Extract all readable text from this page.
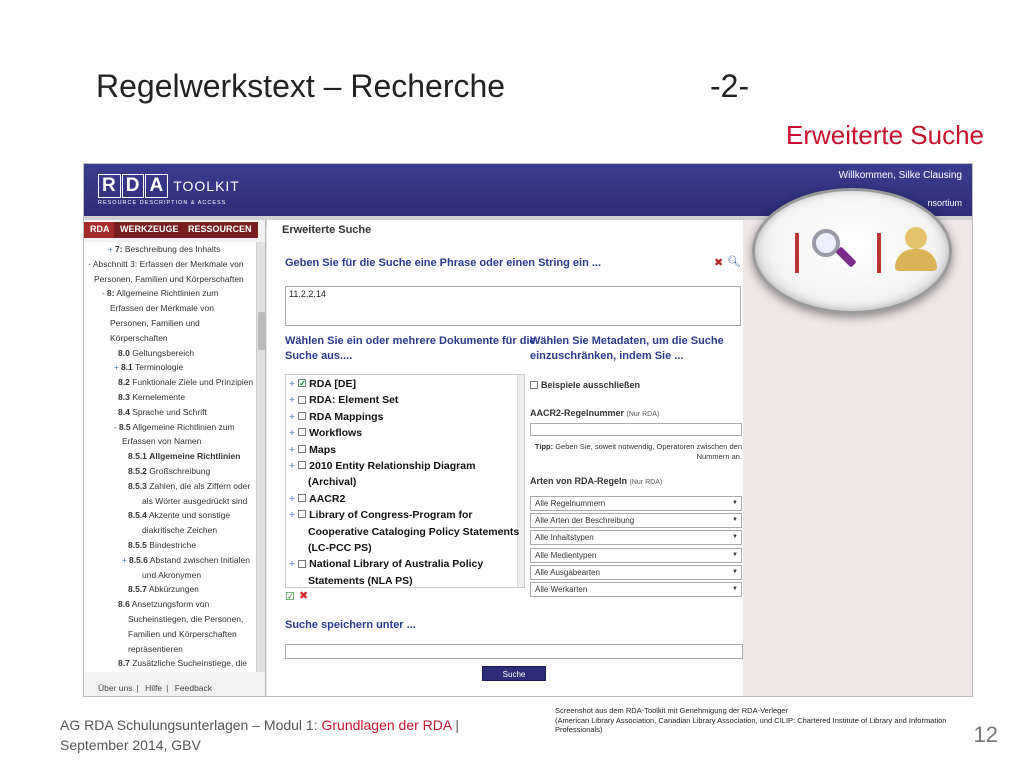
Regelwerkstext – Recherche	-2-
Erweiterte Suche
R D A TOOLKIT
RESOURCE DESCRIPTION & ACCESS
Willkommen, Silke Clausing
nsortium
RDA	WERKZEUGE	RESSOURCEN
+ 7: Beschreibung des Inhalts
- Abschnitt 3: Erfassen der Merkmale von
Personen, Familien und Körperschaften
- 8: Allgemeine Richtlinien zum
Erfassen der Merkmale von
Personen, Familien und
Körperschaften
8.0 Geltungsbereich
+ 8.1 Terminologie
8.2 Funktionale Ziele und Prinzipien
8.3 Kernelemente
8.4 Sprache und Schrift
- 8.5 Allgemeine Richtlinien zum
Erfassen von Namen
8.5.1 Allgemeine Richtlinien
8.5.2 Großschreibung
8.5.3 Zahlen, die als Ziffern oder
als Wörter ausgedrückt sind
8.5.4 Akzente und sonstige
diakritische Zeichen
8.5.5 Bindestriche
+ 8.5.6 Abstand zwischen Initialen
und Akronymen
8.5.7 Abkürzungen
8.6 Ansetzungsform von
Sucheinstiegen, die Personen,
Familien und Körperschaften
repräsentieren
8.7 Zusätzliche Sucheinstiege, die
Über uns | Hilfe | Feedback
Erweiterte Suche
Geben Sie für die Suche eine Phrase oder einen String ein ...	✖ 🔍︎
11.2.2.14
Wählen Sie ein oder mehrere Dokumente für die
Suche aus....
+✓ RDA [DE]
+ RDA: Element Set
+ RDA Mappings
+ Workflows
+ Maps
+ 2010 Entity Relationship Diagram
(Archival)
+ AACR2
+ Library of Congress-Program for
Cooperative Cataloging Policy Statements
(LC-PCC PS)
+ National Library of Australia Policy
Statements (NLA PS)
☑ ✖
Wählen Sie Metadaten, um die Suche
einzuschränken, indem Sie ...
Beispiele ausschließen
AACR2-Regelnummer (Nur RDA)
Tipp: Geben Sie, soweit notwendig, Operatoren zwischen den
Nummern an.
Arten von RDA-Regeln (Nur RDA)
Alle Regelnummern ▼
Alle Arten der Beschreibung ▼
Alle Inhaltstypen ▼
Alle Medientypen ▼
Alle Ausgabearten ▼
Alle Werkarten ▼
Suche speichern unter ...
Suche
Screenshot aus dem RDA-Toolkit mit Genehmigung der RDA-Verleger
(American Library Association, Canadian Library Association, und CILIP: Chartered Institute of Library and Information Professionals)
AG RDA Schulungsunterlagen – Modul 1: Grundlagen der RDA |
September 2014, GBV	12
